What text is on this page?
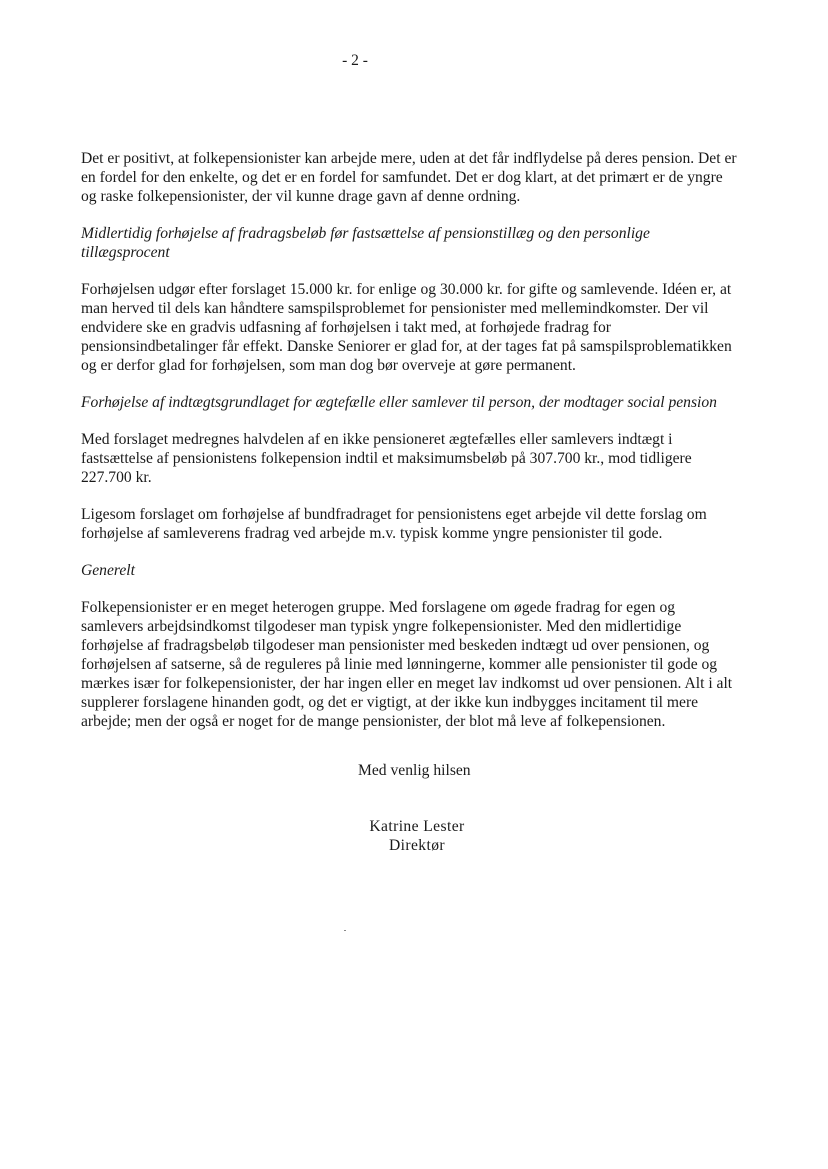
- 2 -

Det er positivt, at folkepensionister kan arbejde mere, uden at det får indflydelse på deres pension. Det er en fordel for den enkelte, og det er en fordel for samfundet. Det er dog klart, at det primært er de yngre og raske folkepensionister, der vil kunne drage gavn af denne ordning.

Midlertidig forhøjelse af fradragsbeløb før fastsættelse af pensionstillæg og den personlige tillægsprocent

Forhøjelsen udgør efter forslaget 15.000 kr. for enlige og 30.000 kr. for gifte og samlevende. Idéen er, at man herved til dels kan håndtere samspilsproblemet for pensionister med mellemindkomster. Der vil endvidere ske en gradvis udfasning af forhøjelsen i takt med, at forhøjede fradrag for pensionsindbetalinger får effekt. Danske Seniorer er glad for, at der tages fat på samspilsproblematikken og er derfor glad for forhøjelsen, som man dog bør overveje at gøre permanent.

Forhøjelse af indtægtsgrundlaget for ægtefælle eller samlever til person, der modtager social pension

Med forslaget medregnes halvdelen af en ikke pensioneret ægtefælles eller samlevers indtægt i fastsættelse af pensionistens folkepension indtil et maksimumsbeløb på 307.700 kr., mod tidligere 227.700 kr.

Ligesom forslaget om forhøjelse af bundfradraget for pensionistens eget arbejde vil dette forslag om forhøjelse af samleverens fradrag ved arbejde m.v. typisk komme yngre pensionister til gode.

Generelt

Folkepensionister er en meget heterogen gruppe. Med forslagene om øgede fradrag for egen og samlevers arbejdsindkomst tilgodeser man typisk yngre folkepensionister. Med den midlertidige forhøjelse af fradragsbeløb tilgodeser man pensionister med beskeden indtægt ud over pensionen, og forhøjelsen af satserne, så de reguleres på linie med lønningerne, kommer alle pensionister til gode og mærkes især for folkepensionister, der har ingen eller en meget lav indkomst ud over pensionen. Alt i alt supplerer forslagene hinanden godt, og det er vigtigt, at der ikke kun indbygges incitament til mere arbejde; men der også er noget for de mange pensionister, der blot må leve af folkepensionen.

Med venlig hilsen
Katrine Lester
Direktør
